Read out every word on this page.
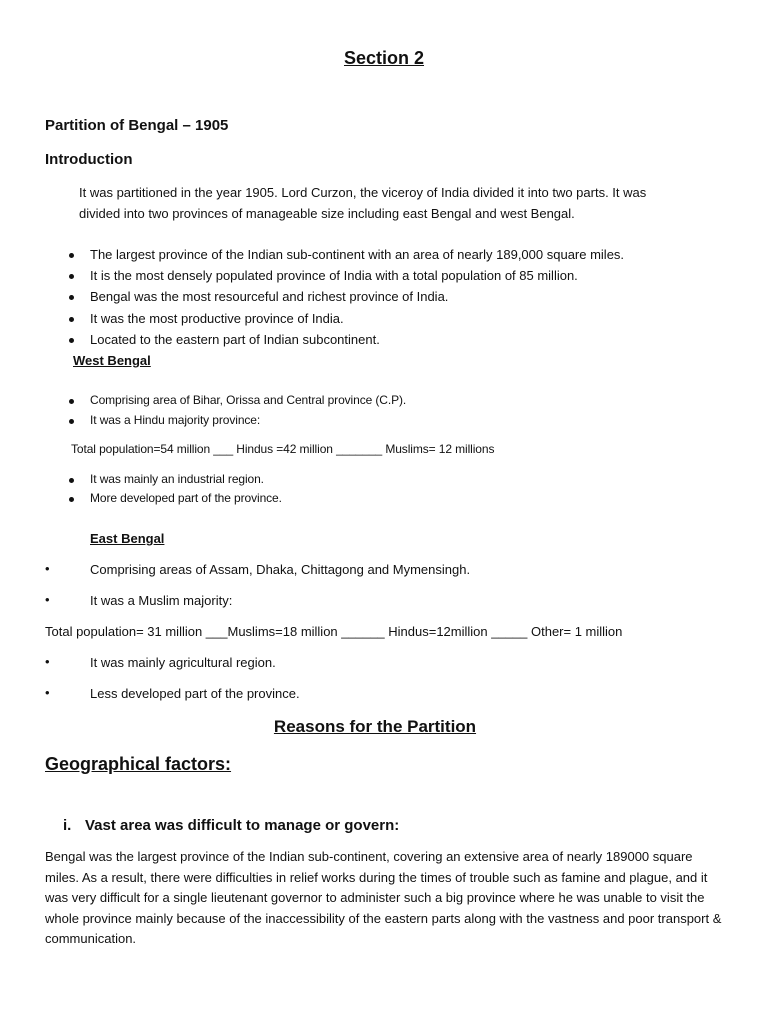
Section 2
Partition of Bengal – 1905
Introduction
It was partitioned in the year 1905. Lord Curzon, the viceroy of India divided it into two parts. It was
divided into two provinces of manageable size including east Bengal and west Bengal.
The largest province of the Indian sub-continent with an area of nearly 189,000 square miles.
It is the most densely populated province of India with a total population of 85 million.
Bengal was the most resourceful and richest province of India.
It was the most productive province of India.
Located to the eastern part of Indian subcontinent.
West Bengal
Comprising area of Bihar, Orissa and Central province (C.P).
It was a Hindu majority province:
Total population=54 million ___ Hindus =42 million _______ Muslims= 12 millions
It was mainly an industrial region.
More developed part of the province.
East Bengal
•	Comprising areas of Assam, Dhaka, Chittagong and Mymensingh.
•	It was a Muslim majority:
Total population= 31 million ___Muslims=18 million ______ Hindus=12million _____ Other= 1 million
•	It was mainly agricultural region.
•	Less developed part of the province.
Reasons for the Partition
Geographical factors:
i. Vast area was difficult to manage or govern:
Bengal was the largest province of the Indian sub-continent, covering an extensive area of nearly 189000 square miles. As a result, there were difficulties in relief works during the times of trouble such as famine and plague, and it was very difficult for a single lieutenant governor to administer such a big province where he was unable to visit the whole province mainly because of the inaccessibility of the eastern parts along with the vastness and poor transport & communication.
